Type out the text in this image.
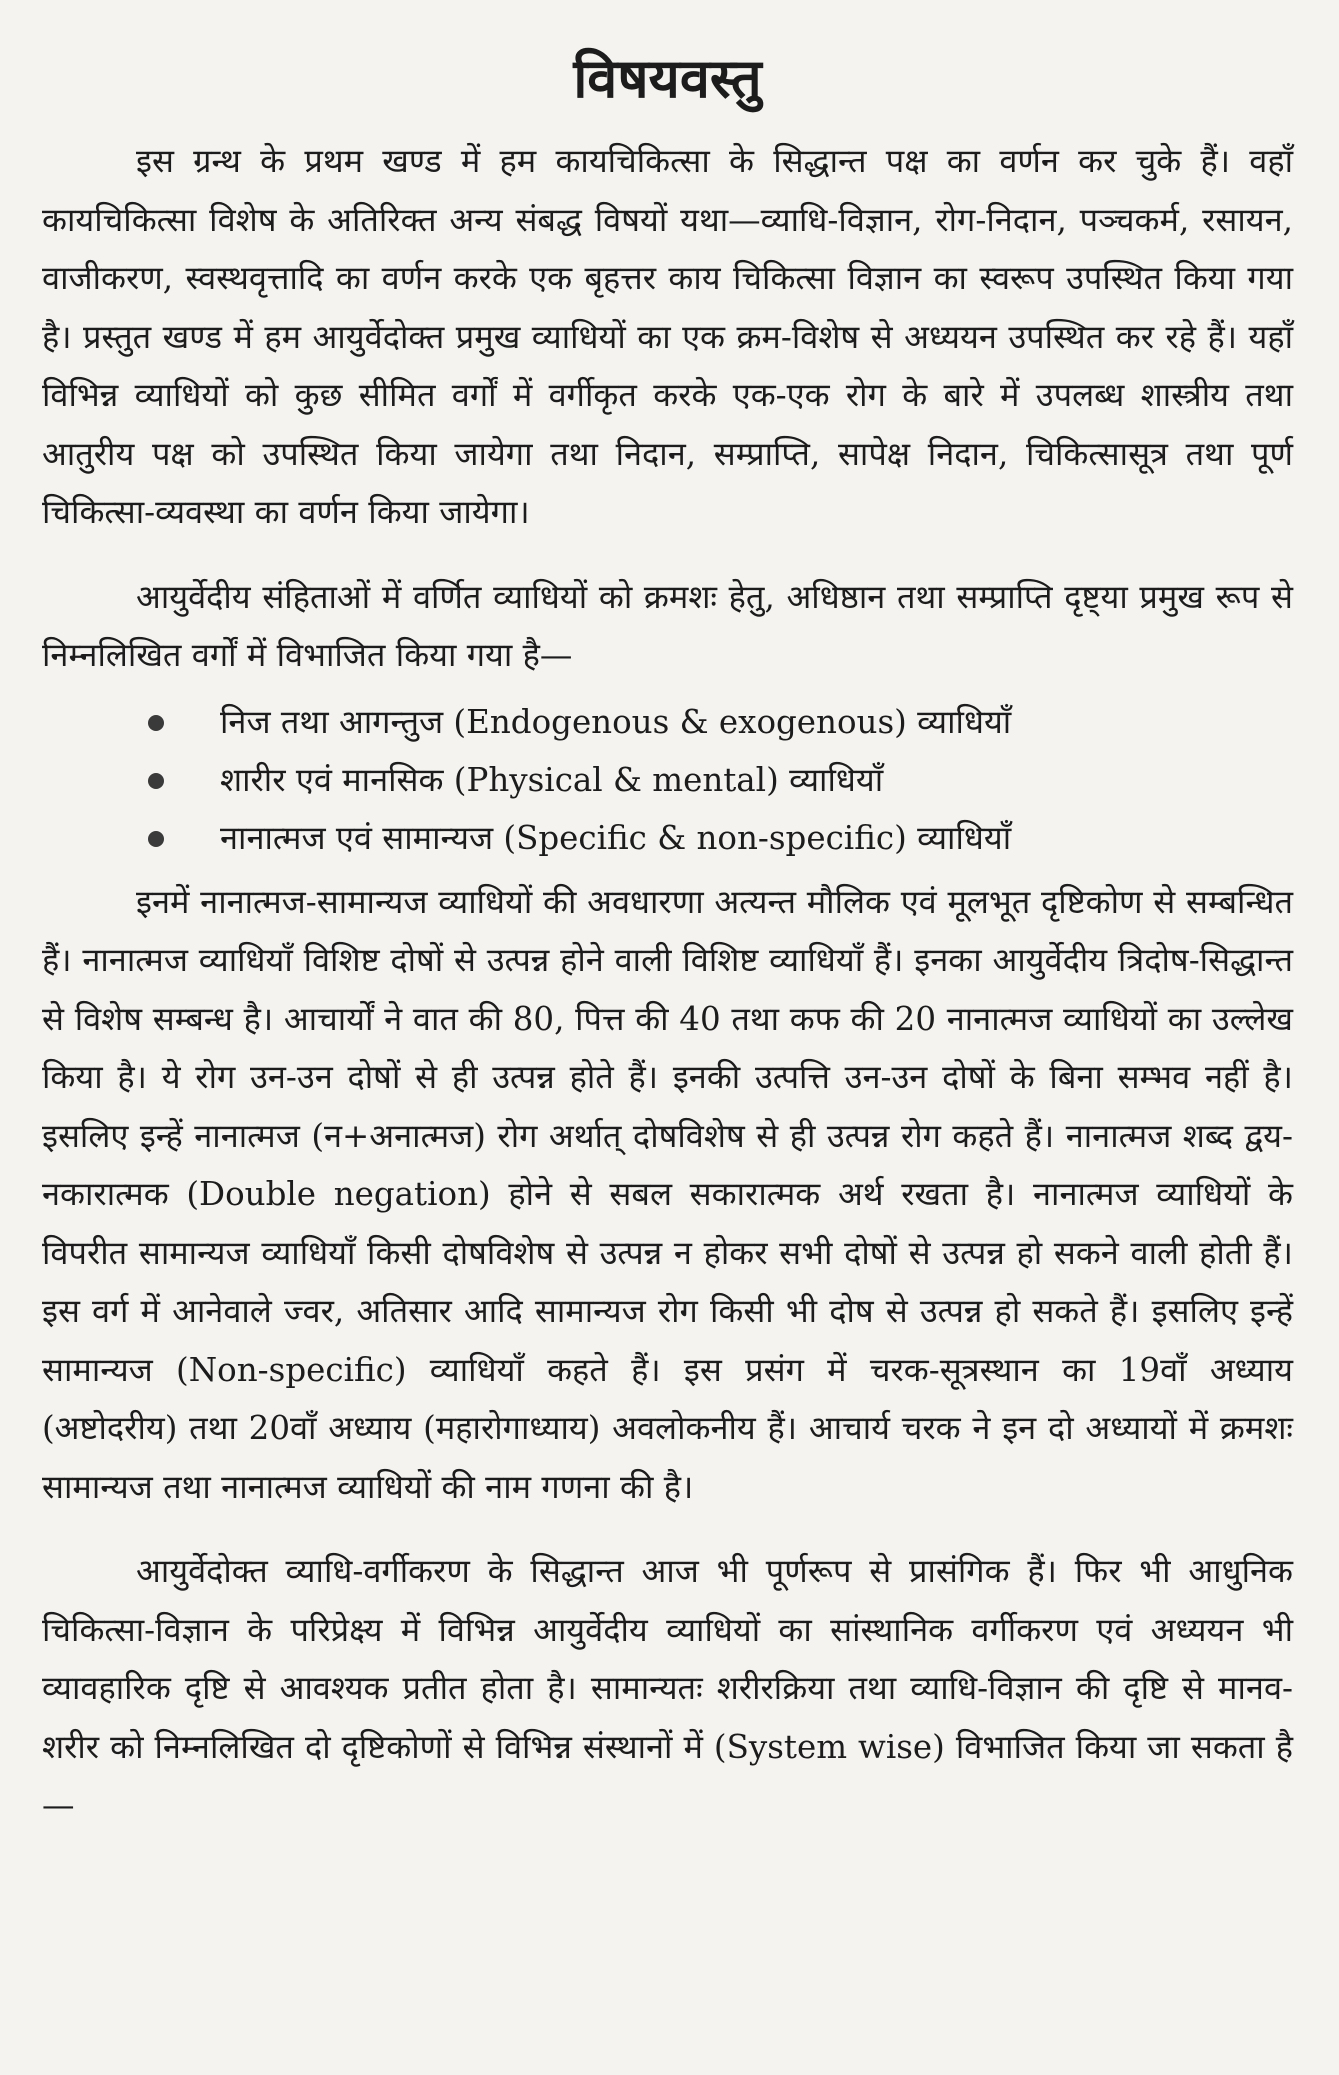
विषयवस्तु

इस ग्रन्थ के प्रथम खण्ड में हम कायचिकित्सा के सिद्धान्त पक्ष का वर्णन कर चुके हैं। वहाँ कायचिकित्सा विशेष के अतिरिक्त अन्य संबद्ध विषयों यथा—व्याधि-विज्ञान, रोग-निदान, पञ्चकर्म, रसायन, वाजीकरण, स्वस्थवृत्तादि का वर्णन करके एक बृहत्तर काय चिकित्सा विज्ञान का स्वरूप उपस्थित किया गया है। प्रस्तुत खण्ड में हम आयुर्वेदोक्त प्रमुख व्याधियों का एक क्रम-विशेष से अध्ययन उपस्थित कर रहे हैं। यहाँ विभिन्न व्याधियों को कुछ सीमित वर्गों में वर्गीकृत करके एक-एक रोग के बारे में उपलब्ध शास्त्रीय तथा आतुरीय पक्ष को उपस्थित किया जायेगा तथा निदान, सम्प्राप्ति, सापेक्ष निदान, चिकित्सासूत्र तथा पूर्ण चिकित्सा-व्यवस्था का वर्णन किया जायेगा।

आयुर्वेदीय संहिताओं में वर्णित व्याधियों को क्रमशः हेतु, अधिष्ठान तथा सम्प्राप्ति दृष्ट्या प्रमुख रूप से निम्नलिखित वर्गों में विभाजित किया गया है—

निज तथा आगन्तुज (Endogenous & exogenous) व्याधियाँ
शारीर एवं मानसिक (Physical & mental) व्याधियाँ
नानात्मज एवं सामान्यज (Specific & non-specific) व्याधियाँ

इनमें नानात्मज-सामान्यज व्याधियों की अवधारणा अत्यन्त मौलिक एवं मूलभूत दृष्टिकोण से सम्बन्धित हैं। नानात्मज व्याधियाँ विशिष्ट दोषों से उत्पन्न होने वाली विशिष्ट व्याधियाँ हैं। इनका आयुर्वेदीय त्रिदोष-सिद्धान्त से विशेष सम्बन्ध है। आचार्यों ने वात की 80, पित्त की 40 तथा कफ की 20 नानात्मज व्याधियों का उल्लेख किया है। ये रोग उन-उन दोषों से ही उत्पन्न होते हैं। इनकी उत्पत्ति उन-उन दोषों के बिना सम्भव नहीं है। इसलिए इन्हें नानात्मज (न+अनात्मज) रोग अर्थात् दोषविशेष से ही उत्पन्न रोग कहते हैं। नानात्मज शब्द द्वय-नकारात्मक (Double negation) होने से सबल सकारात्मक अर्थ रखता है। नानात्मज व्याधियों के विपरीत सामान्यज व्याधियाँ किसी दोषविशेष से उत्पन्न न होकर सभी दोषों से उत्पन्न हो सकने वाली होती हैं। इस वर्ग में आनेवाले ज्वर, अतिसार आदि सामान्यज रोग किसी भी दोष से उत्पन्न हो सकते हैं। इसलिए इन्हें सामान्यज (Non-specific) व्याधियाँ कहते हैं। इस प्रसंग में चरक-सूत्रस्थान का 19वाँ अध्याय (अष्टोदरीय) तथा 20वाँ अध्याय (महारोगाध्याय) अवलोकनीय हैं। आचार्य चरक ने इन दो अध्यायों में क्रमशः सामान्यज तथा नानात्मज व्याधियों की नाम गणना की है।

आयुर्वेदोक्त व्याधि-वर्गीकरण के सिद्धान्त आज भी पूर्णरूप से प्रासंगिक हैं। फिर भी आधुनिक चिकित्सा-विज्ञान के परिप्रेक्ष्य में विभिन्न आयुर्वेदीय व्याधियों का सांस्थानिक वर्गीकरण एवं अध्ययन भी व्यावहारिक दृष्टि से आवश्यक प्रतीत होता है। सामान्यतः शरीरक्रिया तथा व्याधि-विज्ञान की दृष्टि से मानव-शरीर को निम्नलिखित दो दृष्टिकोणों से विभिन्न संस्थानों में (System wise) विभाजित किया जा सकता है—
